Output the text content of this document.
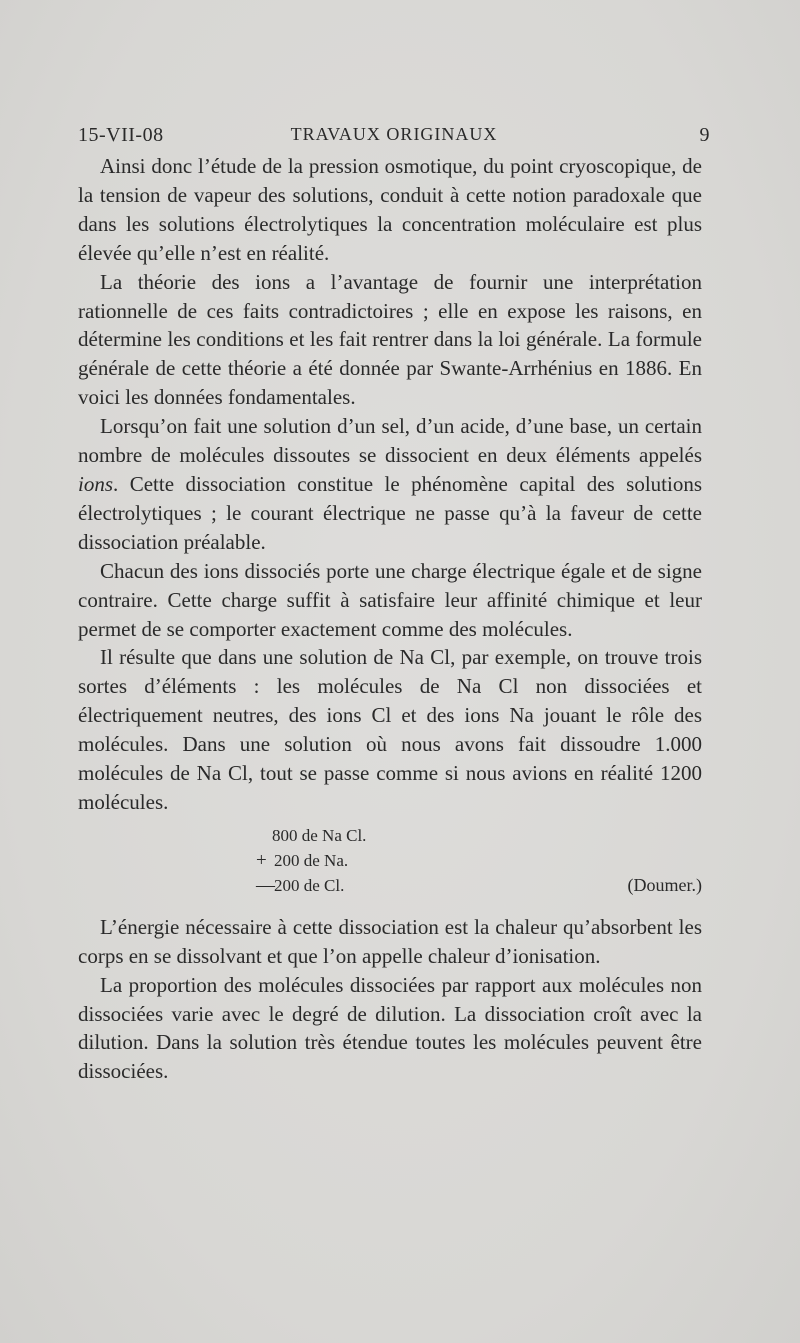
15-VII-08	TRAVAUX ORIGINAUX	9

Ainsi donc l’étude de la pression osmotique, du point cryoscopique, de la tension de vapeur des solutions, conduit à cette notion paradoxale que dans les solutions électrolytiques la concentration moléculaire est plus élevée qu’elle n’est en réalité.

La théorie des ions a l’avantage de fournir une interprétation rationnelle de ces faits contradictoires ; elle en expose les raisons, en détermine les conditions et les fait rentrer dans la loi générale. La formule générale de cette théorie a été donnée par Swante-Arrhénius en 1886. En voici les données fondamentales.

Lorsqu’on fait une solution d’un sel, d’un acide, d’une base, un certain nombre de molécules dissoutes se dissocient en deux éléments appelés ions. Cette dissociation constitue le phénomène capital des solutions électrolytiques ; le courant électrique ne passe qu’à la faveur de cette dissociation préalable.

Chacun des ions dissociés porte une charge électrique égale et de signe contraire. Cette charge suffit à satisfaire leur affinité chimique et leur permet de se comporter exactement comme des molécules.

Il résulte que dans une solution de Na Cl, par exemple, on trouve trois sortes d’éléments : les molécules de Na Cl non dissociées et électriquement neutres, des ions Cl et des ions Na jouant le rôle des molécules. Dans une solution où nous avons fait dissoudre 1.000 molécules de Na Cl, tout se passe comme si nous avions en réalité 1200 molécules.

800 de Na Cl.
+ 200 de Na.
—200 de Cl.	(Doumer.)

L’énergie nécessaire à cette dissociation est la chaleur qu’absorbent les corps en se dissolvant et que l’on appelle chaleur d’ionisation.

La proportion des molécules dissociées par rapport aux molécules non dissociées varie avec le degré de dilution. La dissociation croît avec la dilution. Dans la solution très étendue toutes les molécules peuvent être dissociées.
